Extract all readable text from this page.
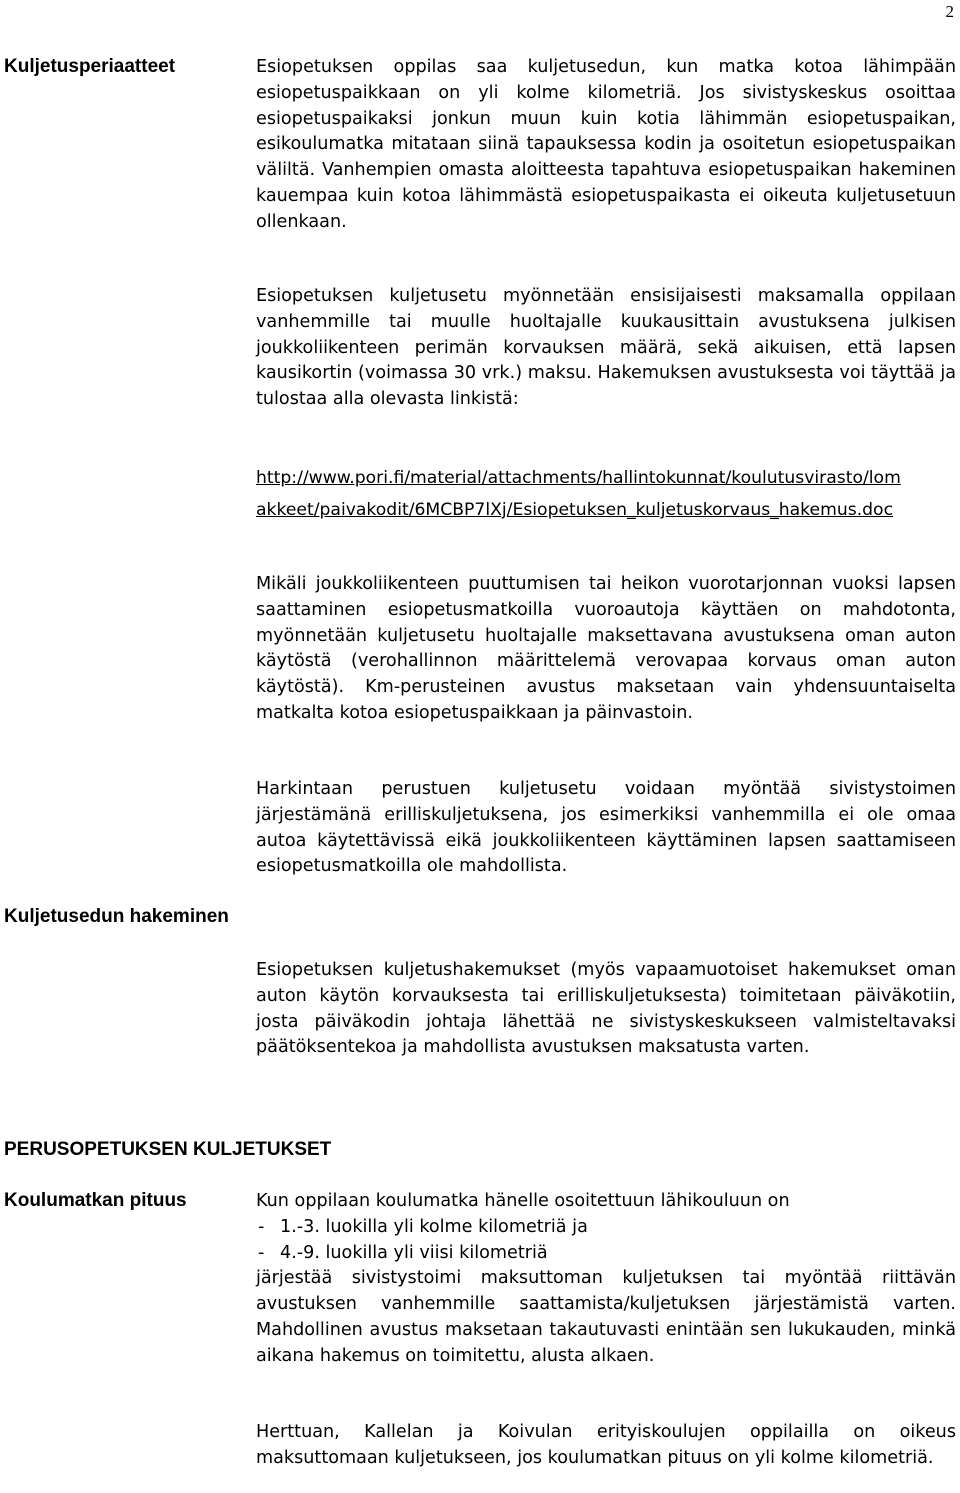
2
Kuljetusperiaatteet	Esiopetuksen oppilas saa kuljetusedun, kun matka kotoa lähimpään esiopetuspaikkaan on yli kolme kilometriä. Jos sivistyskeskus osoittaa esiopetuspaikaksi jonkun muun kuin kotia lähimmän esiopetuspaikan, esikoulumatka mitataan siinä tapauksessa kodin ja osoitetun esiopetuspaikan väliltä. Vanhempien omasta aloitteesta tapahtuva esiopetuspaikan hakeminen kauempaa kuin kotoa lähimmästä esiopetuspaikasta ei oikeuta kuljetusetuun ollenkaan.
Esiopetuksen kuljetusetu myönnetään ensisijaisesti maksamalla oppilaan vanhemmille tai muulle huoltajalle kuukausittain avustuksena julkisen joukkoliikenteen perimän korvauksen määrä, sekä aikuisen, että lapsen kausikortin (voimassa 30 vrk.) maksu. Hakemuksen avustuksesta voi täyttää ja tulostaa alla olevasta linkistä:
http://www.pori.fi/material/attachments/hallintokunnat/koulutusvirasto/lom
akkeet/paivakodit/6MCBP7lXj/Esiopetuksen_kuljetuskorvaus_hakemus.doc
Mikäli joukkoliikenteen puuttumisen tai heikon vuorotarjonnan vuoksi lapsen saattaminen esiopetusmatkoilla vuoroautoja käyttäen on mahdotonta, myönnetään kuljetusetu huoltajalle maksettavana avustuksena oman auton käytöstä (verohallinnon määrittelemä verovapaa korvaus oman auton käytöstä). Km-perusteinen avustus maksetaan vain yhdensuuntaiselta matkalta kotoa esiopetuspaikkaan ja päinvastoin.
Harkintaan perustuen kuljetusetu voidaan myöntää sivistystoimen järjestämänä erilliskuljetuksena, jos esimerkiksi vanhemmilla ei ole omaa autoa käytettävissä eikä joukkoliikenteen käyttäminen lapsen saattamiseen esiopetusmatkoilla ole mahdollista.
Kuljetusedun hakeminen
Esiopetuksen kuljetushakemukset (myös vapaamuotoiset hakemukset oman auton käytön korvauksesta tai erilliskuljetuksesta) toimitetaan päiväkotiin, josta päiväkodin johtaja lähettää ne sivistyskeskukseen valmisteltavaksi päätöksentekoa ja mahdollista avustuksen maksatusta varten.
PERUSOPETUKSEN KULJETUKSET
Koulumatkan pituus	Kun oppilaan koulumatka hänelle osoitettuun lähikouluun on
- 1.-3. luokilla yli kolme kilometriä ja
- 4.-9. luokilla yli viisi kilometriä
järjestää sivistystoimi maksuttoman kuljetuksen tai myöntää riittävän avustuksen vanhemmille saattamista/kuljetuksen järjestämistä varten. Mahdollinen avustus maksetaan takautuvasti enintään sen lukukauden, minkä aikana hakemus on toimitettu, alusta alkaen.
Herttuan, Kallelan ja Koivulan erityiskoulujen oppilailla on oikeus maksuttomaan kuljetukseen, jos koulumatkan pituus on yli kolme kilometriä.
